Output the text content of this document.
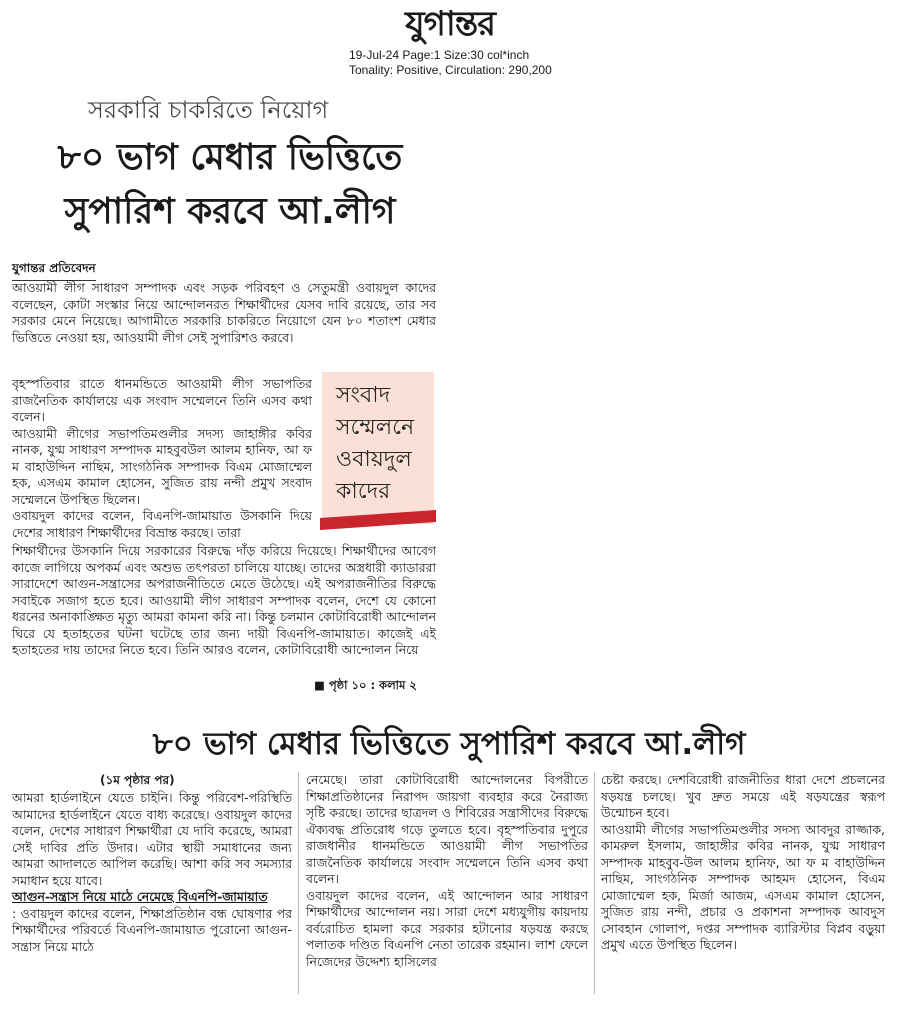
যুগান্তর
19-Jul-24 Page:1 Size:30 col*inch
Tonality: Positive, Circulation: 290,200
সরকারি চাকরিতে নিয়োগ
৮০ ভাগ মেধার ভিত্তিতে
সুপারিশ করবে আ.লীগ
যুগান্তর প্রতিবেদন

আওয়ামী লীগ সাধারণ সম্পাদক এবং সড়ক পরিবহণ ও সেতুমন্ত্রী ওবায়দুল কাদের বলেছেন, কোটা সংস্কার নিয়ে আন্দোলনরত শিক্ষার্থীদের যেসব দাবি রয়েছে, তার সব সরকার মেনে নিয়েছে। আগামীতে সরকারি চাকরিতে নিয়োগে যেন ৮০ শতাংশ মেধার ভিত্তিতে নেওয়া হয়, আওয়ামী লীগ সেই সুপারিশও করবে।

বৃহস্পতিবার রাতে ধানমন্ডিতে আওয়ামী লীগ সভাপতির রাজনৈতিক কার্যালয়ে এক সংবাদ সম্মেলনে তিনি এসব কথা বলেন।

আওয়ামী লীগের সভাপতিমণ্ডলীর সদস্য জাহাঙ্গীর কবির নানক, যুগ্ম সাধারণ সম্পাদক মাহবুবউল আলম হানিফ, আ ফ ম বাহাউদ্দিন নাছিম, সাংগঠনিক সম্পাদক বিএম মোজাম্মেল হক, এসএম কামাল হোসেন, সুজিত রায় নন্দী প্রমুখ সংবাদ সম্মেলনে উপস্থিত ছিলেন।

ওবায়দুল কাদের বলেন, বিএনপি-জামায়াত উসকানি দিয়ে দেশের সাধারণ শিক্ষার্থীদের বিভ্রান্ত করছে। তারা

সংবাদ সম্মেলনে ওবায়দুল কাদের

শিক্ষার্থীদের উসকানি দিয়ে সরকারের বিরুদ্ধে দাঁড় করিয়ে দিয়েছে। শিক্ষার্থীদের আবেগ কাজে লাগিয়ে অপকর্ম এবং অশুভ তৎপরতা চালিয়ে যাচ্ছে। তাদের অস্ত্রধারী ক্যাডাররা সারাদেশে আগুন-সন্ত্রাসের অপরাজনীতিতে মেতে উঠেছে। এই অপরাজনীতির বিরুদ্ধে সবাইকে সজাগ হতে হবে। আওয়ামী লীগ সাধারণ সম্পাদক বলেন, দেশে যে কোনো ধরনের অনাকাঙ্ক্ষিত মৃত্যু আমরা কামনা করি না। কিন্তু চলমান কোটাবিরোধী আন্দোলন ঘিরে যে হতাহতের ঘটনা ঘটেছে তার জন্য দায়ী বিএনপি-জামায়াত। কাজেই এই হতাহতের দায় তাদের নিতে হবে। তিনি আরও বলেন, কোটাবিরোধী আন্দোলন নিয়ে

■ পৃষ্ঠা ১০ : কলাম ২
৮০ ভাগ মেধার ভিত্তিতে সুপারিশ করবে আ.লীগ
(১ম পৃষ্ঠার পর)

আমরা হার্ডলাইনে যেতে চাইনি। কিন্তু পরিবেশ-পরিস্থিতি আমাদের হার্ডলাইনে যেতে বাধ্য করেছে। ওবায়দুল কাদের বলেন, দেশের সাধারণ শিক্ষার্থীরা যে দাবি করেছে, আমরা সেই দাবির প্রতি উদার। এটার স্থায়ী সমাধানের জন্য আমরা আদালতে আপিল করেছি। আশা করি সব সমস্যার সমাধান হয়ে যাবে।

আগুন-সন্ত্রাস নিয়ে মাঠে নেমেছে বিএনপি-জামায়াত

: ওবায়দুল কাদের বলেন, শিক্ষাপ্রতিষ্ঠান বন্ধ ঘোষণার পর শিক্ষার্থীদের পরিবর্তে বিএনপি-জামায়াত পুরোনো আগুন-সন্ত্রাস নিয়ে মাঠে

নেমেছে। তারা কোটাবিরোধী আন্দোলনের বিপরীতে শিক্ষাপ্রতিষ্ঠানের নিরাপদ জায়গা ব্যবহার করে নৈরাজ্য সৃষ্টি করছে। তাদের ছাত্রদল ও শিবিরের সন্ত্রাসীদের বিরুদ্ধে ঐক্যবদ্ধ প্রতিরোধ গড়ে তুলতে হবে। বৃহস্পতিবার দুপুরে রাজধানীর ধানমন্ডিতে আওয়ামী লীগ সভাপতির রাজনৈতিক কার্যালয়ে সংবাদ সম্মেলনে তিনি এসব কথা বলেন।

ওবায়দুল কাদের বলেন, এই আন্দোলন আর সাধারণ শিক্ষার্থীদের আন্দোলন নয়। সারা দেশে মধ্যযুগীয় কায়দায় বর্বরোচিত হামলা করে সরকার হটানোর ষড়যন্ত্র করছে পলাতক দণ্ডিত বিএনপি নেতা তারেক রহমান। লাশ ফেলে নিজেদের উদ্দেশ্য হাসিলের

চেষ্টা করছে। দেশবিরোধী রাজনীতির ধারা দেশে প্রচলনের ষড়যন্ত্র চলছে। খুব দ্রুত সময়ে এই ষড়যন্ত্রের স্বরূপ উন্মোচন হবে।

আওয়ামী লীগের সভাপতিমণ্ডলীর সদস্য আবদুর রাজ্জাক, কামরুল ইসলাম, জাহাঙ্গীর কবির নানক, যুগ্ম সাধারণ সম্পাদক মাহবুব-উল আলম হানিফ, আ ফ ম বাহাউদ্দিন নাছিম, সাংগঠনিক সম্পাদক আহমদ হোসেন, বিএম মোজাম্মেল হক, মির্জা আজম, এসএম কামাল হোসেন, সুজিত রায় নন্দী, প্রচার ও প্রকাশনা সম্পাদক আবদুস সোবহান গোলাপ, দপ্তর সম্পাদক ব্যারিস্টার বিপ্লব বড়ুয়া প্রমুখ এতে উপস্থিত ছিলেন।
